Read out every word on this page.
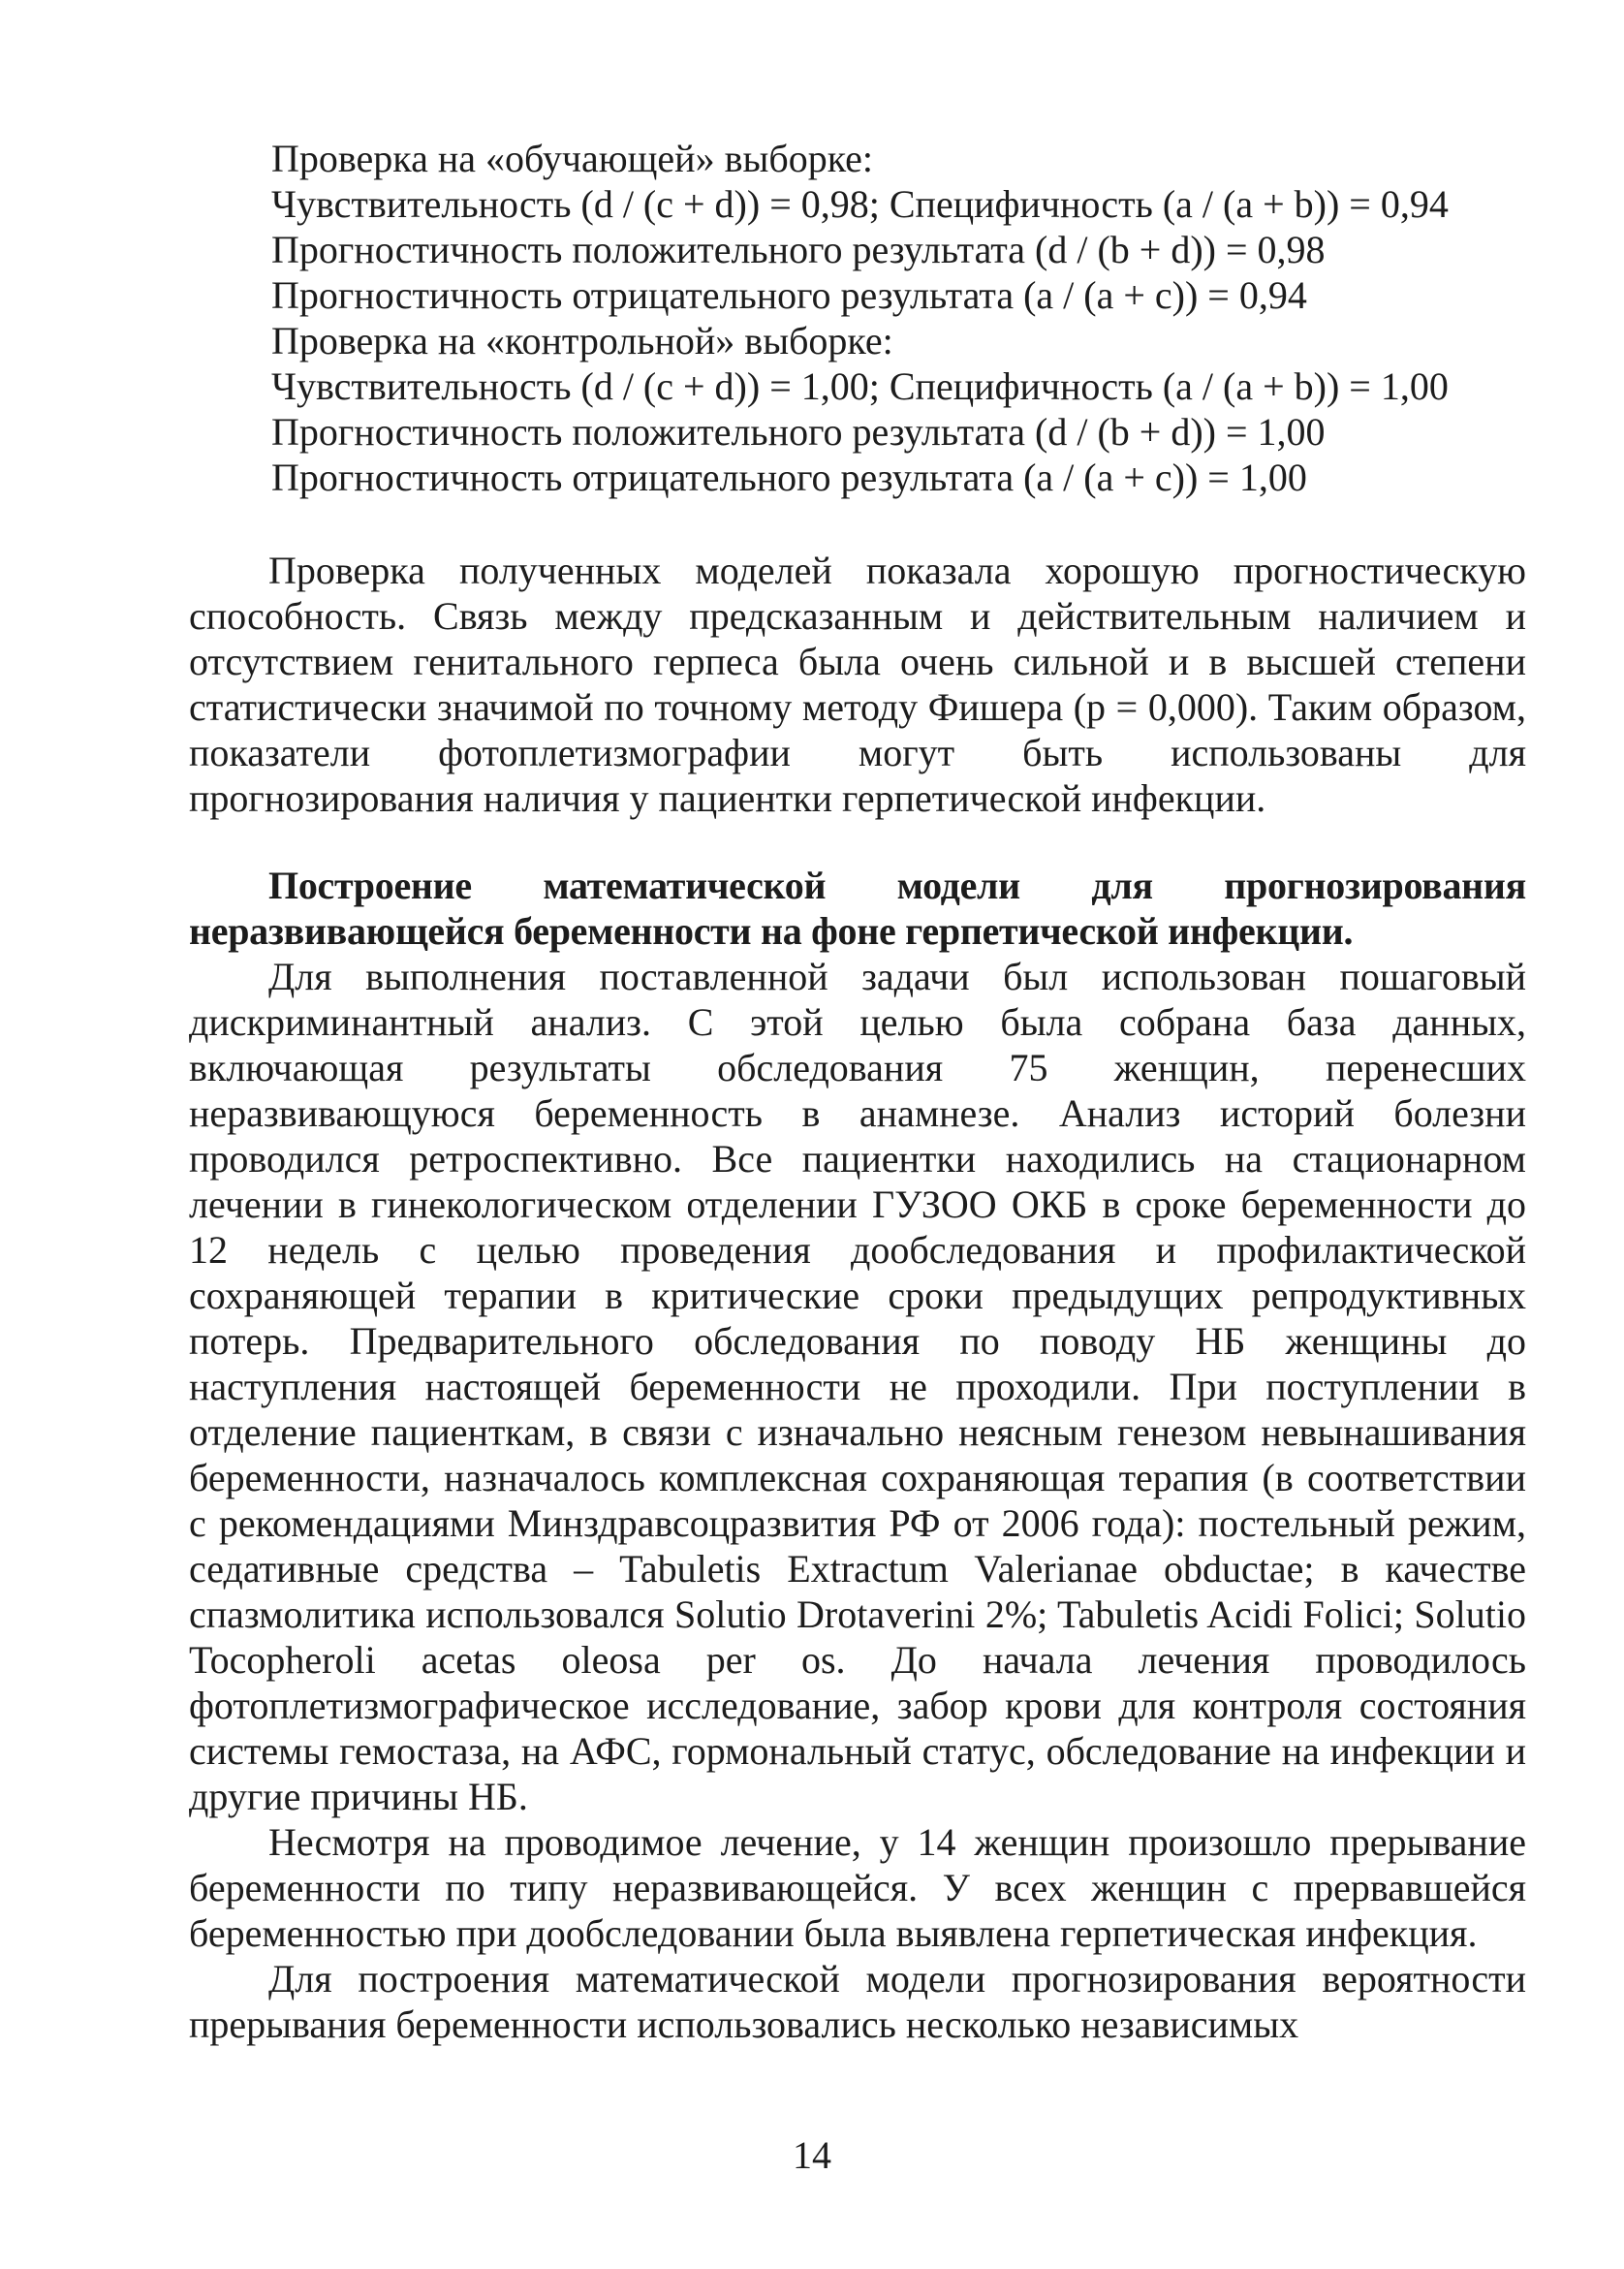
Проверка на «обучающей» выборке:
Чувствительность (d / (c + d)) = 0,98; Специфичность (a / (a + b)) = 0,94
Прогностичность положительного результата (d / (b + d)) = 0,98
Прогностичность отрицательного результата (a / (a + c)) = 0,94
Проверка на «контрольной» выборке:
Чувствительность (d / (c + d)) = 1,00; Специфичность (a / (a + b)) = 1,00
Прогностичность положительного результата (d / (b + d)) = 1,00
Прогностичность отрицательного результата (a / (a + c)) = 1,00

Проверка полученных моделей показала хорошую прогностическую способность. Связь между предсказанным и действительным наличием и отсутствием генитального герпеса была очень сильной и в высшей степени статистически значимой по точному методу Фишера (p = 0,000). Таким образом, показатели фотоплетизмографии могут быть использованы для прогнозирования наличия у пациентки герпетической инфекции.

Построение математической модели для прогнозирования неразвивающейся беременности на фоне герпетической инфекции.

Для выполнения поставленной задачи был использован пошаговый дискриминантный анализ. С этой целью была собрана база данных, включающая результаты обследования 75 женщин, перенесших неразвивающуюся беременность в анамнезе. Анализ историй болезни проводился ретроспективно. Все пациентки находились на стационарном лечении в гинекологическом отделении ГУЗОО ОКБ в сроке беременности до 12 недель с целью проведения дообследования и профилактической сохраняющей терапии в критические сроки предыдущих репродуктивных потерь. Предварительного обследования по поводу НБ женщины до наступления настоящей беременности не проходили. При поступлении в отделение пациенткам, в связи с изначально неясным генезом невынашивания беременности, назначалось комплексная сохраняющая терапия (в соответствии с рекомендациями Минздравсоцразвития РФ от 2006 года): постельный режим, седативные средства – Tabuletis Extractum Valerianae obductae; в качестве спазмолитика использовался Solutio Drotaverini 2%; Tabuletis Acidi Folici; Solutio Tocopheroli acetas oleosa per os. До начала лечения проводилось фотоплетизмографическое исследование, забор крови для контроля состояния системы гемостаза, на АФС, гормональный статус, обследование на инфекции и другие причины НБ.

Несмотря на проводимое лечение, у 14 женщин произошло прерывание беременности по типу неразвивающейся. У всех женщин с прервавшейся беременностью при дообследовании была выявлена герпетическая инфекция.

Для построения математической модели прогнозирования вероятности прерывания беременности использовались несколько независимых

14
